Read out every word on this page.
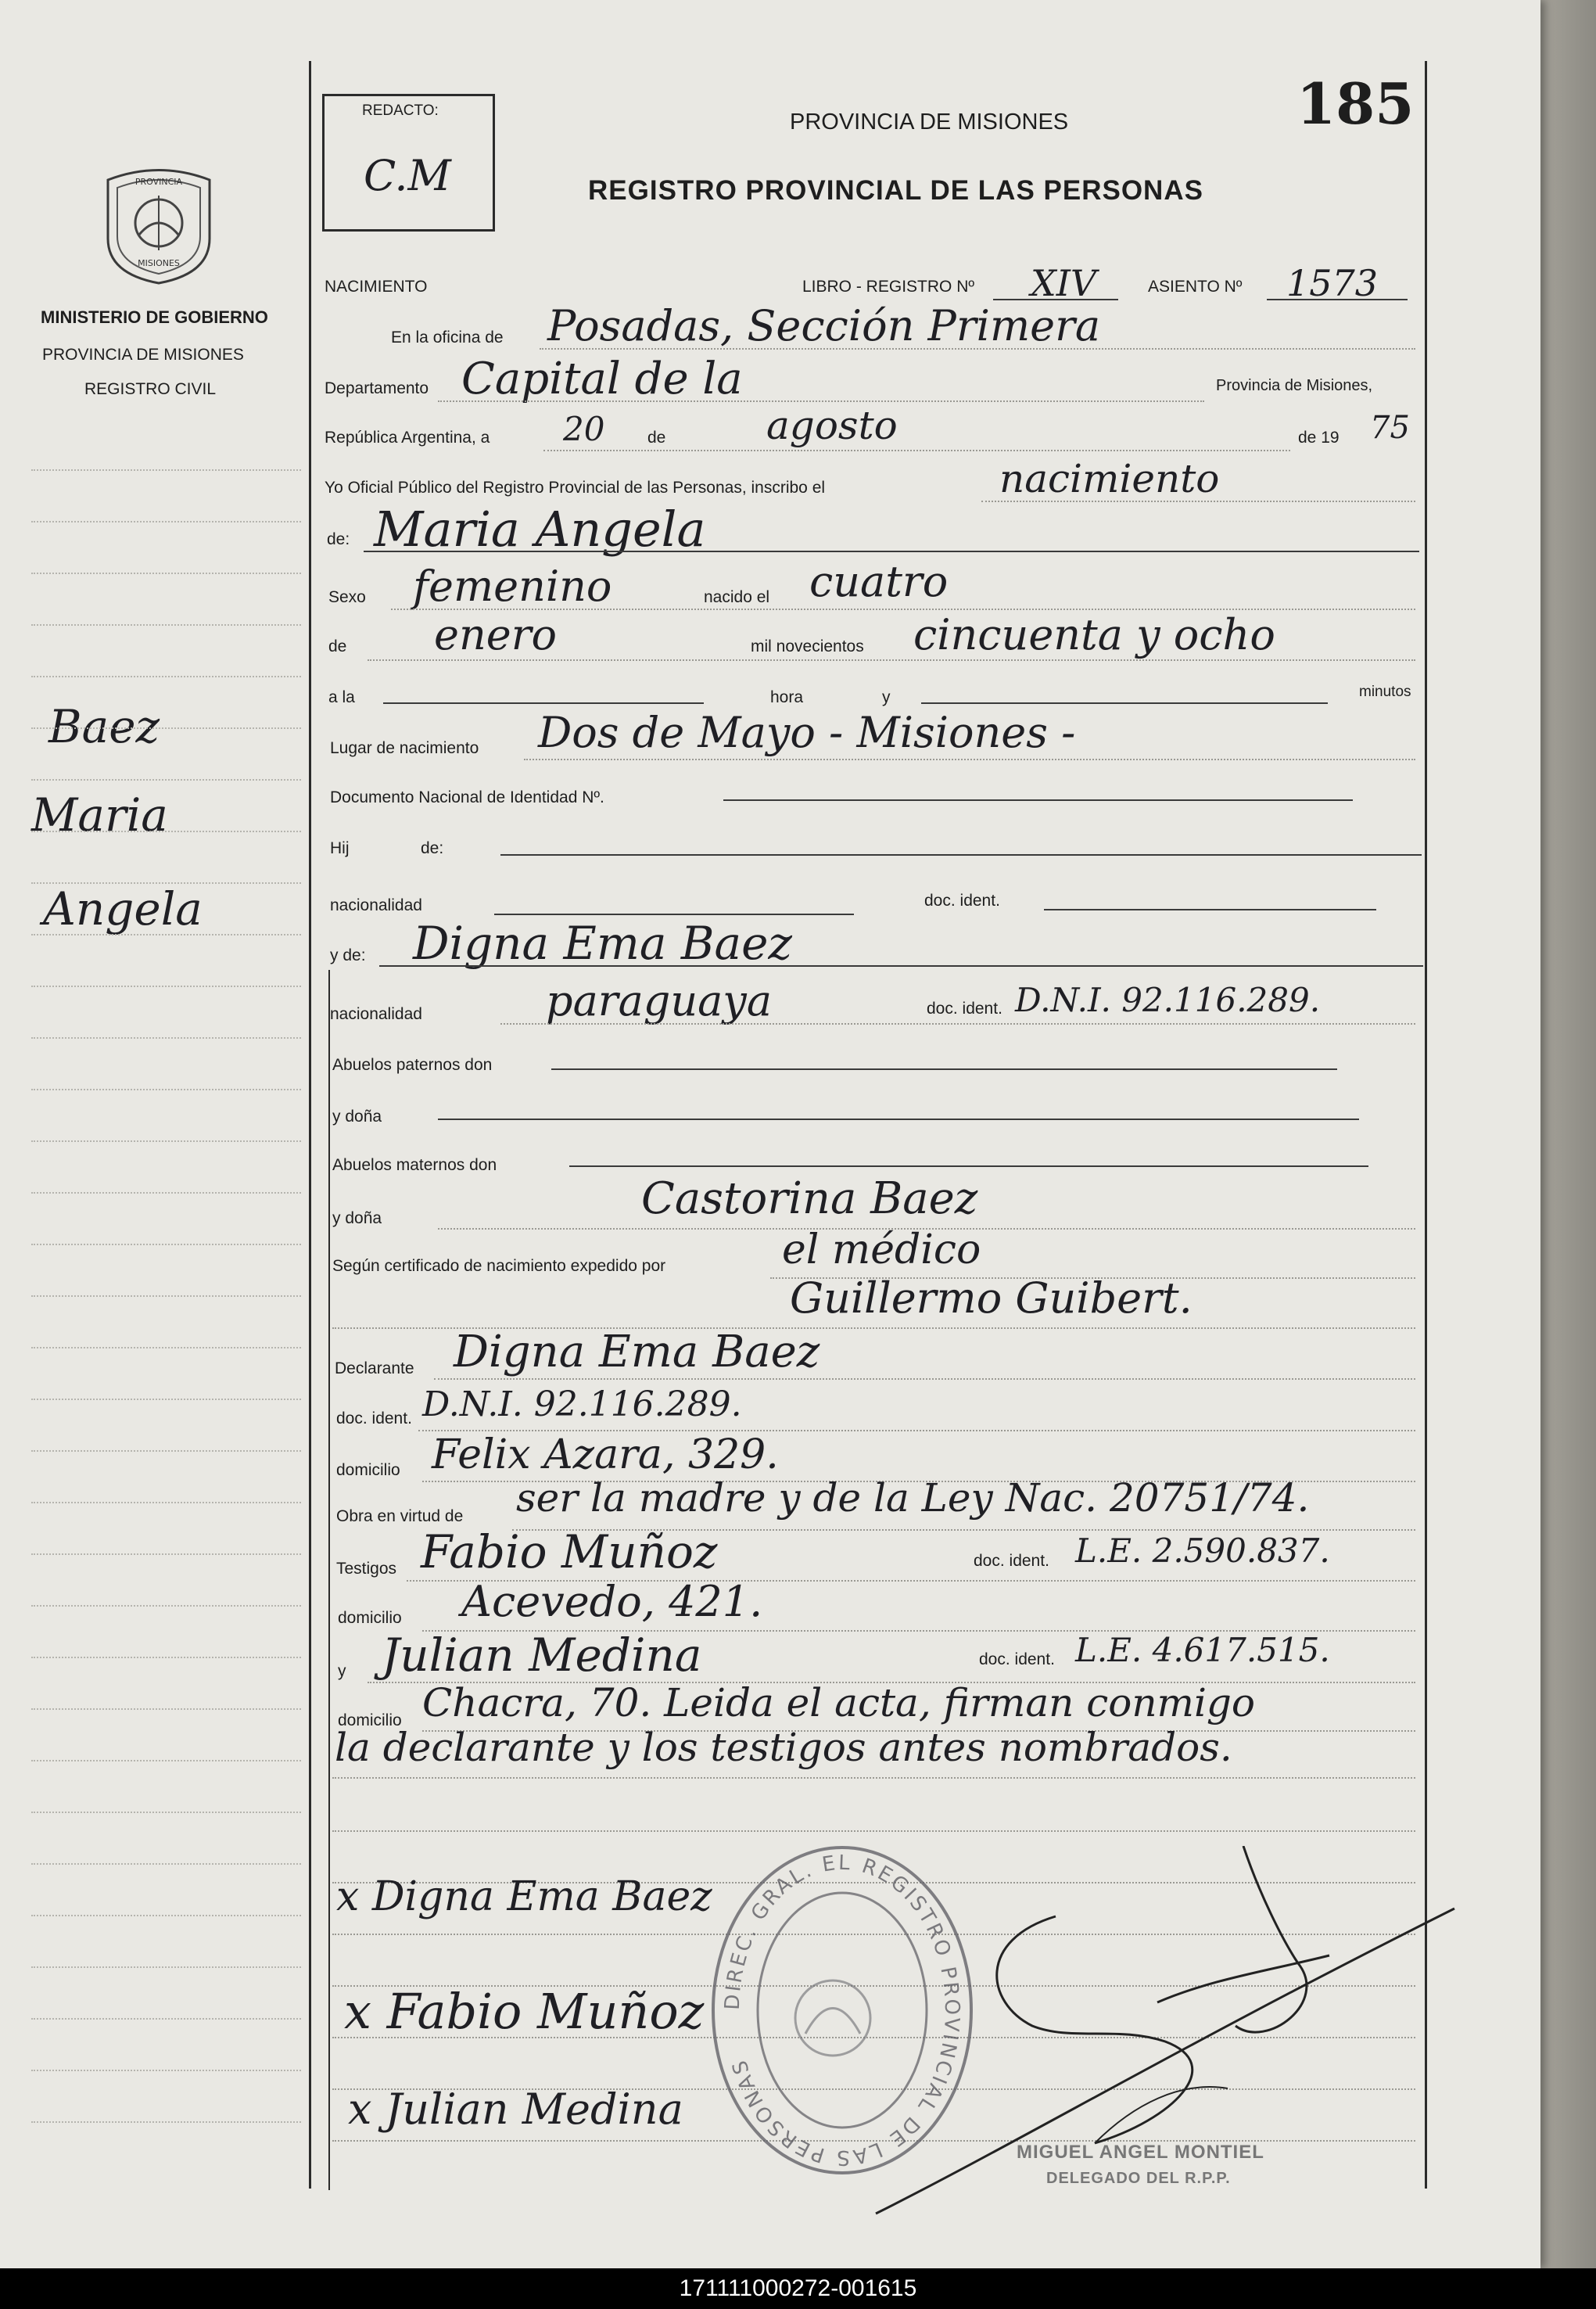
PROVINCIA
MISIONES
MINISTERIO DE GOBIERNO
PROVINCIA DE MISIONES
REGISTRO CIVIL
Baez
Maria
Angela
REDACTO:
C.M
PROVINCIA DE MISIONES
REGISTRO PROVINCIAL DE LAS PERSONAS
185
NACIMIENTO	LIBRO - REGISTRO Nº XIV	ASIENTO Nº 1573
En la oficina de Posadas, Sección Primera
Departamento Capital de la	Provincia de Misiones,
República Argentina, a 20	de	agosto	de 19 75
Yo Oficial Público del Registro Provincial de las Personas, inscribo el	nacimiento
de: Maria Angela
Sexo femenino	nacido el cuatro
de enero	mil novecientos cincuenta y ocho
a la	hora	y	minutos
Lugar de nacimiento Dos de Mayo - Misiones -
Documento Nacional de Identidad Nº.
Hij	de:
nacionalidad	doc. ident.
y de: Digna Ema Baez
nacionalidad	paraguaya	doc. ident. D.N.I. 92.116.289.
Abuelos paternos don
y doña
Abuelos maternos don
y doña	Castorina Baez
Según certificado de nacimiento expedido por	el médico
Guillermo Guibert.
Declarante Digna Ema Baez
doc. ident. D.N.I. 92.116.289.
domicilio Felix Azara, 329.
Obra en virtud de ser la madre y de la Ley Nac. 20751/74.
Testigos Fabio Muñoz	doc. ident. L.E. 2.590.837.
domicilio Acevedo, 421.
y Julian Medina	doc. ident. L.E. 4.617.515.
domicilio Chacra, 70. Leida el acta, firman conmigo
la declarante y los testigos antes nombrados.
x Digna Ema Baez
x Fabio Muñoz
x Julian Medina
DIREC. GRAL. EL REGISTRO PROVINCIAL DE LAS PERSONAS
MIGUEL ANGEL MONTIEL
DELEGADO DEL R.P.P.
171111000272-001615
